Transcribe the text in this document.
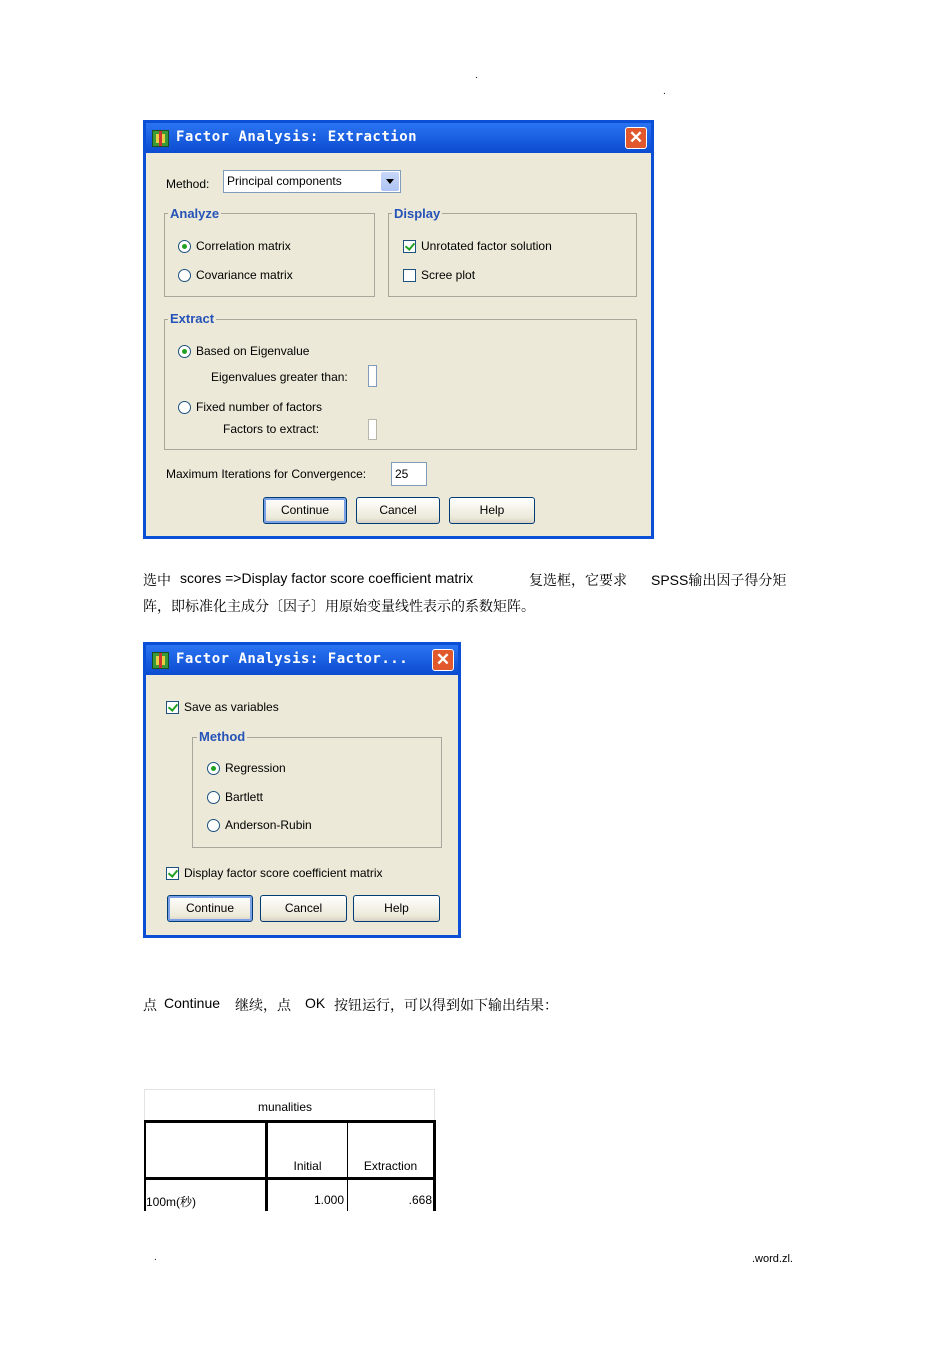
.
.
Factor Analysis: Extraction	✕
Method: Principal components
Analyze
Correlation matrix
Covariance matrix
Display
Unrotated factor solution
Scree plot
Extract
Based on Eigenvalue
Eigenvalues greater than:
Fixed number of factors
Factors to extract:
Maximum Iterations for Convergence: 25
Continue	Cancel	Help
选中 scores =>Display factor score coefficient matrix	复选框，它要求 SPSS输出因子得分矩
阵，即标准化主成分〔因子〕用原始变量线性表示的系数矩阵。
Factor Analysis: Factor... ✕
Save as variables
Method
Regression
Bartlett
Anderson-Rubin
Display factor score coefficient matrix
Continue	Cancel	Help
点 Continue 继续，点 OK 按钮运行，可以得到如下输出结果：
munalities
Initial	Extraction
100m(秒)	1.000	.668
.	.word.zl.
